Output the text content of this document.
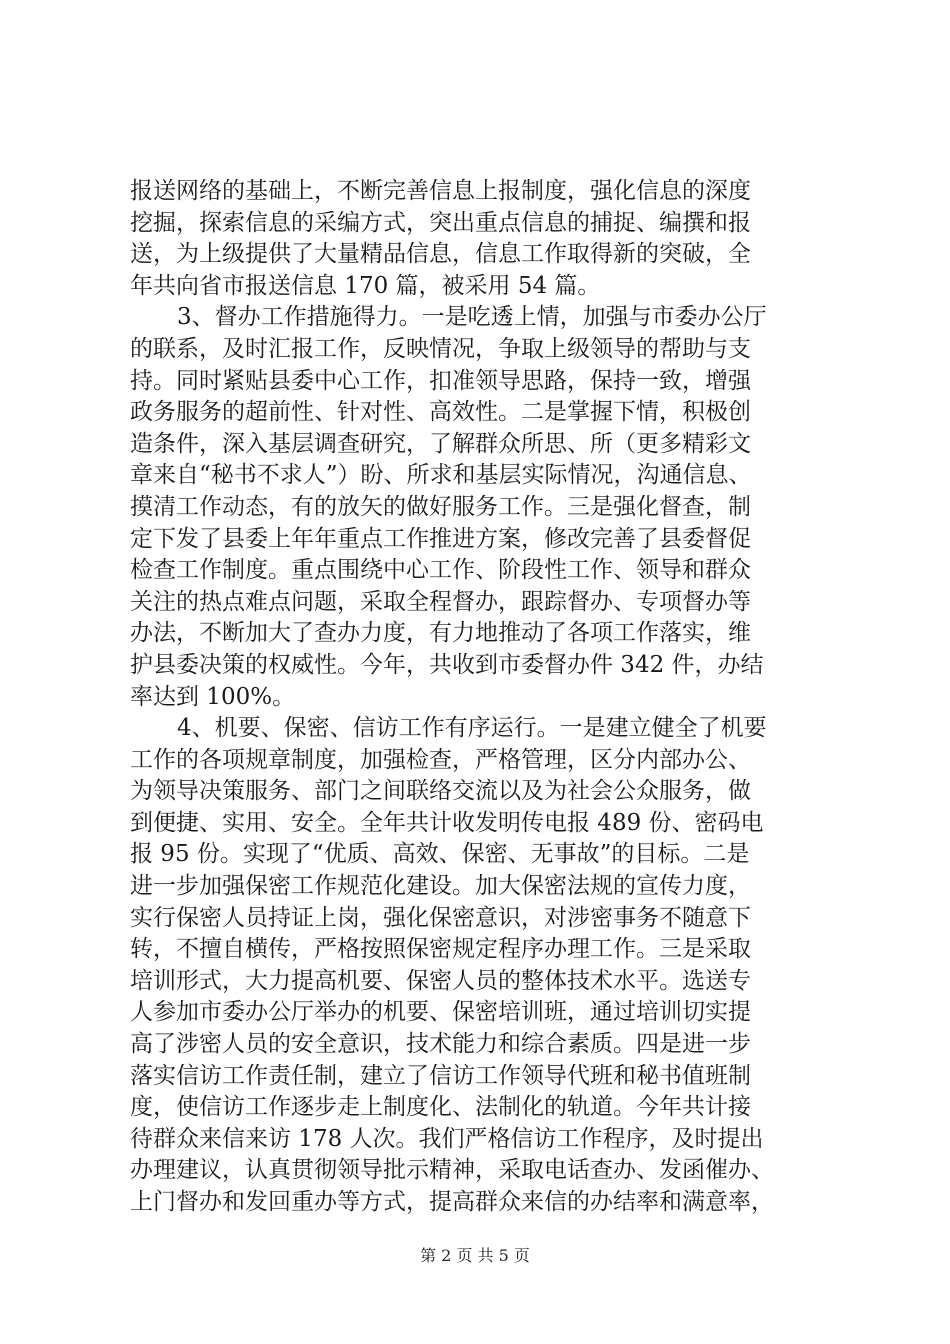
报送网络的基础上，不断完善信息上报制度，强化信息的深度
挖掘，探索信息的采编方式，突出重点信息的捕捉、编撰和报
送，为上级提供了大量精品信息，信息工作取得新的突破，全
年共向省市报送信息 170 篇，被采用 54 篇。
3、督办工作措施得力。一是吃透上情，加强与市委办公厅
的联系，及时汇报工作，反映情况，争取上级领导的帮助与支
持。同时紧贴县委中心工作，扣准领导思路，保持一致，增强
政务服务的超前性、针对性、高效性。二是掌握下情，积极创
造条件，深入基层调查研究，了解群众所思、所（更多精彩文
章来自“秘书不求人”）盼、所求和基层实际情况，沟通信息、
摸清工作动态，有的放矢的做好服务工作。三是强化督查，制
定下发了县委上年年重点工作推进方案，修改完善了县委督促
检查工作制度。重点围绕中心工作、阶段性工作、领导和群众
关注的热点难点问题，采取全程督办，跟踪督办、专项督办等
办法，不断加大了查办力度，有力地推动了各项工作落实，维
护县委决策的权威性。今年，共收到市委督办件 342 件，办结
率达到 100%。
4、机要、保密、信访工作有序运行。一是建立健全了机要
工作的各项规章制度，加强检查，严格管理，区分内部办公、
为领导决策服务、部门之间联络交流以及为社会公众服务，做
到便捷、实用、安全。全年共计收发明传电报 489 份、密码电
报 95 份。实现了“优质、高效、保密、无事故”的目标。二是
进一步加强保密工作规范化建设。加大保密法规的宣传力度，
实行保密人员持证上岗，强化保密意识，对涉密事务不随意下
转，不擅自横传，严格按照保密规定程序办理工作。三是采取
培训形式，大力提高机要、保密人员的整体技术水平。选送专
人参加市委办公厅举办的机要、保密培训班，通过培训切实提
高了涉密人员的安全意识，技术能力和综合素质。四是进一步
落实信访工作责任制，建立了信访工作领导代班和秘书值班制
度，使信访工作逐步走上制度化、法制化的轨道。今年共计接
待群众来信来访 178 人次。我们严格信访工作程序，及时提出
办理建议，认真贯彻领导批示精神，采取电话查办、发函催办、
上门督办和发回重办等方式，提高群众来信的办结率和满意率，
第 2 页 共 5 页
